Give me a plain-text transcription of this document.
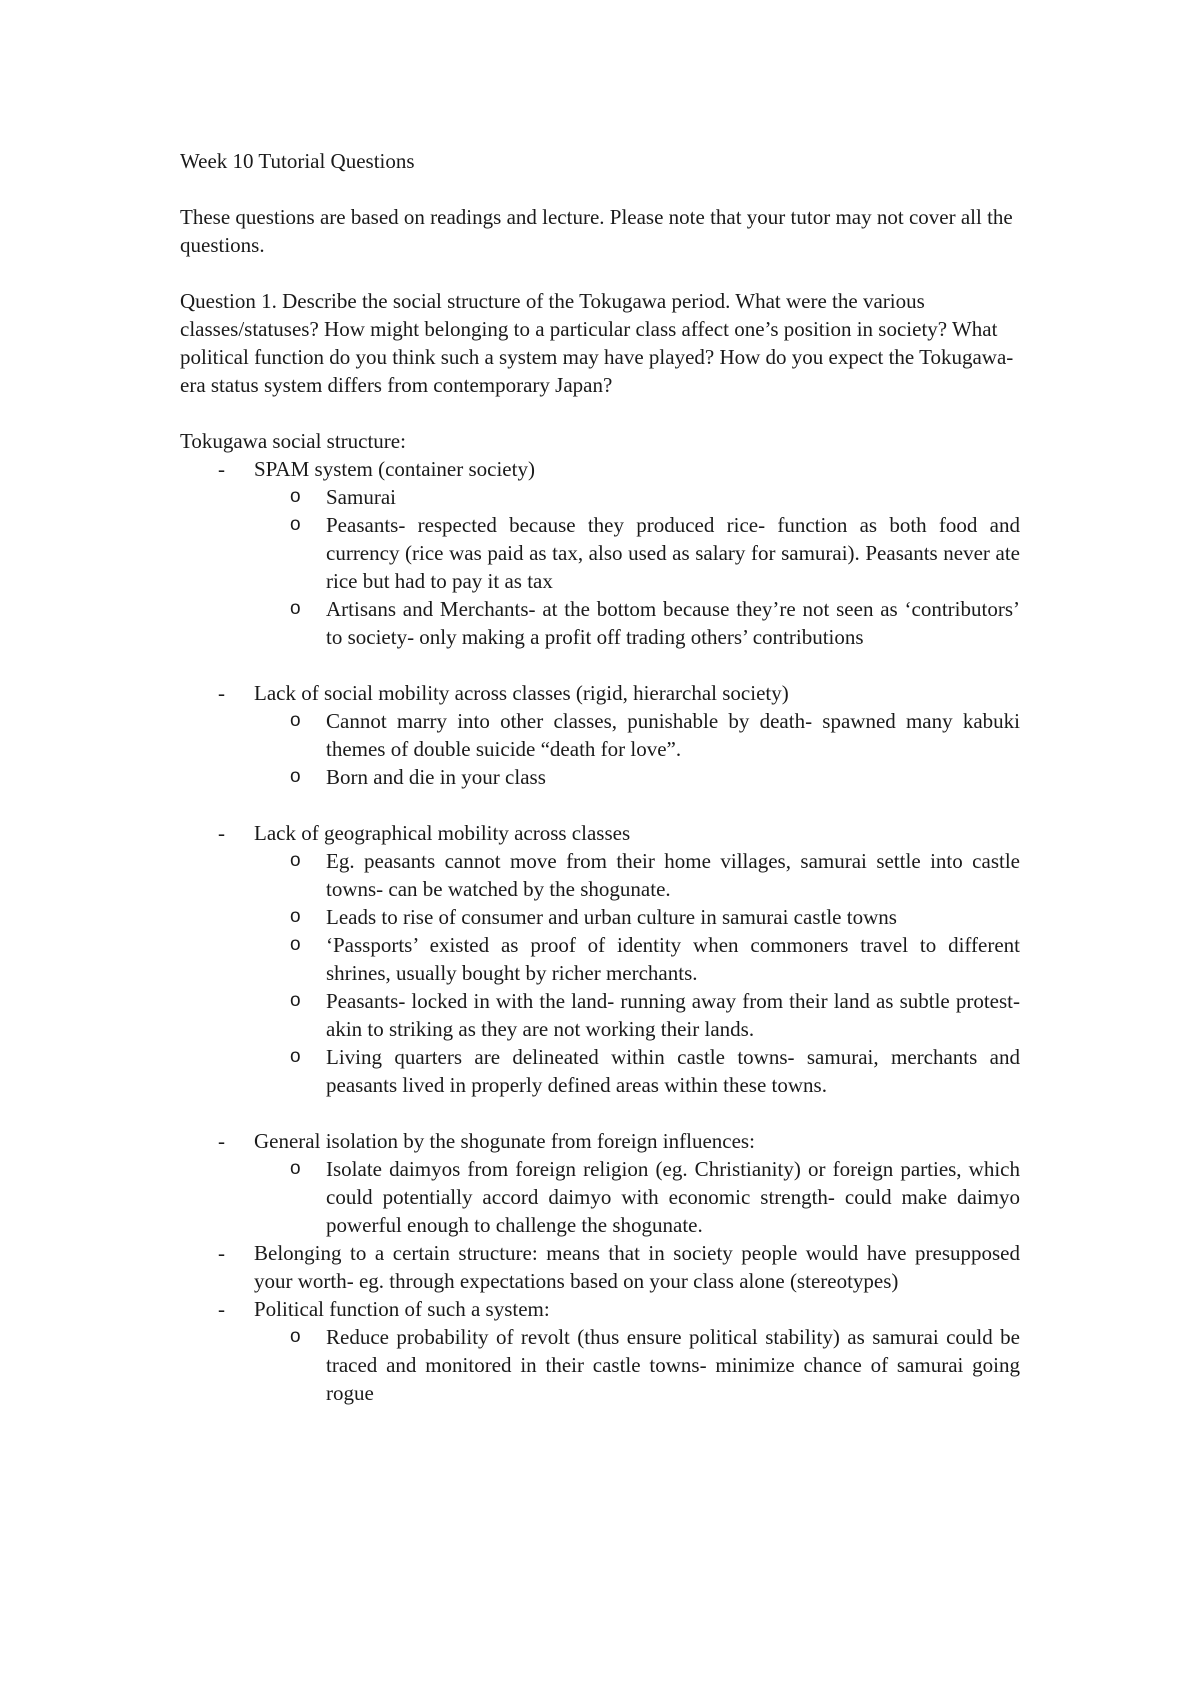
Week 10 Tutorial Questions

These questions are based on readings and lecture. Please note that your tutor may not cover all the questions.

Question 1. Describe the social structure of the Tokugawa period. What were the various classes/statuses? How might belonging to a particular class affect one’s position in society? What political function do you think such a system may have played? How do you expect the Tokugawa-era status system differs from contemporary Japan?

Tokugawa social structure:

- SPAM system (container society)
o Samurai
o Peasants- respected because they produced rice- function as both food and currency (rice was paid as tax, also used as salary for samurai). Peasants never ate rice but had to pay it as tax
o Artisans and Merchants- at the bottom because they’re not seen as ‘contributors’ to society- only making a profit off trading others’ contributions
- Lack of social mobility across classes (rigid, hierarchal society)
o Cannot marry into other classes, punishable by death- spawned many kabuki themes of double suicide “death for love”.
o Born and die in your class
- Lack of geographical mobility across classes
o Eg. peasants cannot move from their home villages, samurai settle into castle towns- can be watched by the shogunate.
o Leads to rise of consumer and urban culture in samurai castle towns
o ‘Passports’ existed as proof of identity when commoners travel to different shrines, usually bought by richer merchants.
o Peasants- locked in with the land- running away from their land as subtle protest- akin to striking as they are not working their lands.
o Living quarters are delineated within castle towns- samurai, merchants and peasants lived in properly defined areas within these towns.
- General isolation by the shogunate from foreign influences:
o Isolate daimyos from foreign religion (eg. Christianity) or foreign parties, which could potentially accord daimyo with economic strength- could make daimyo powerful enough to challenge the shogunate.
- Belonging to a certain structure: means that in society people would have presupposed your worth- eg. through expectations based on your class alone (stereotypes)
- Political function of such a system:
o Reduce probability of revolt (thus ensure political stability) as samurai could be traced and monitored in their castle towns- minimize chance of samurai going rogue
